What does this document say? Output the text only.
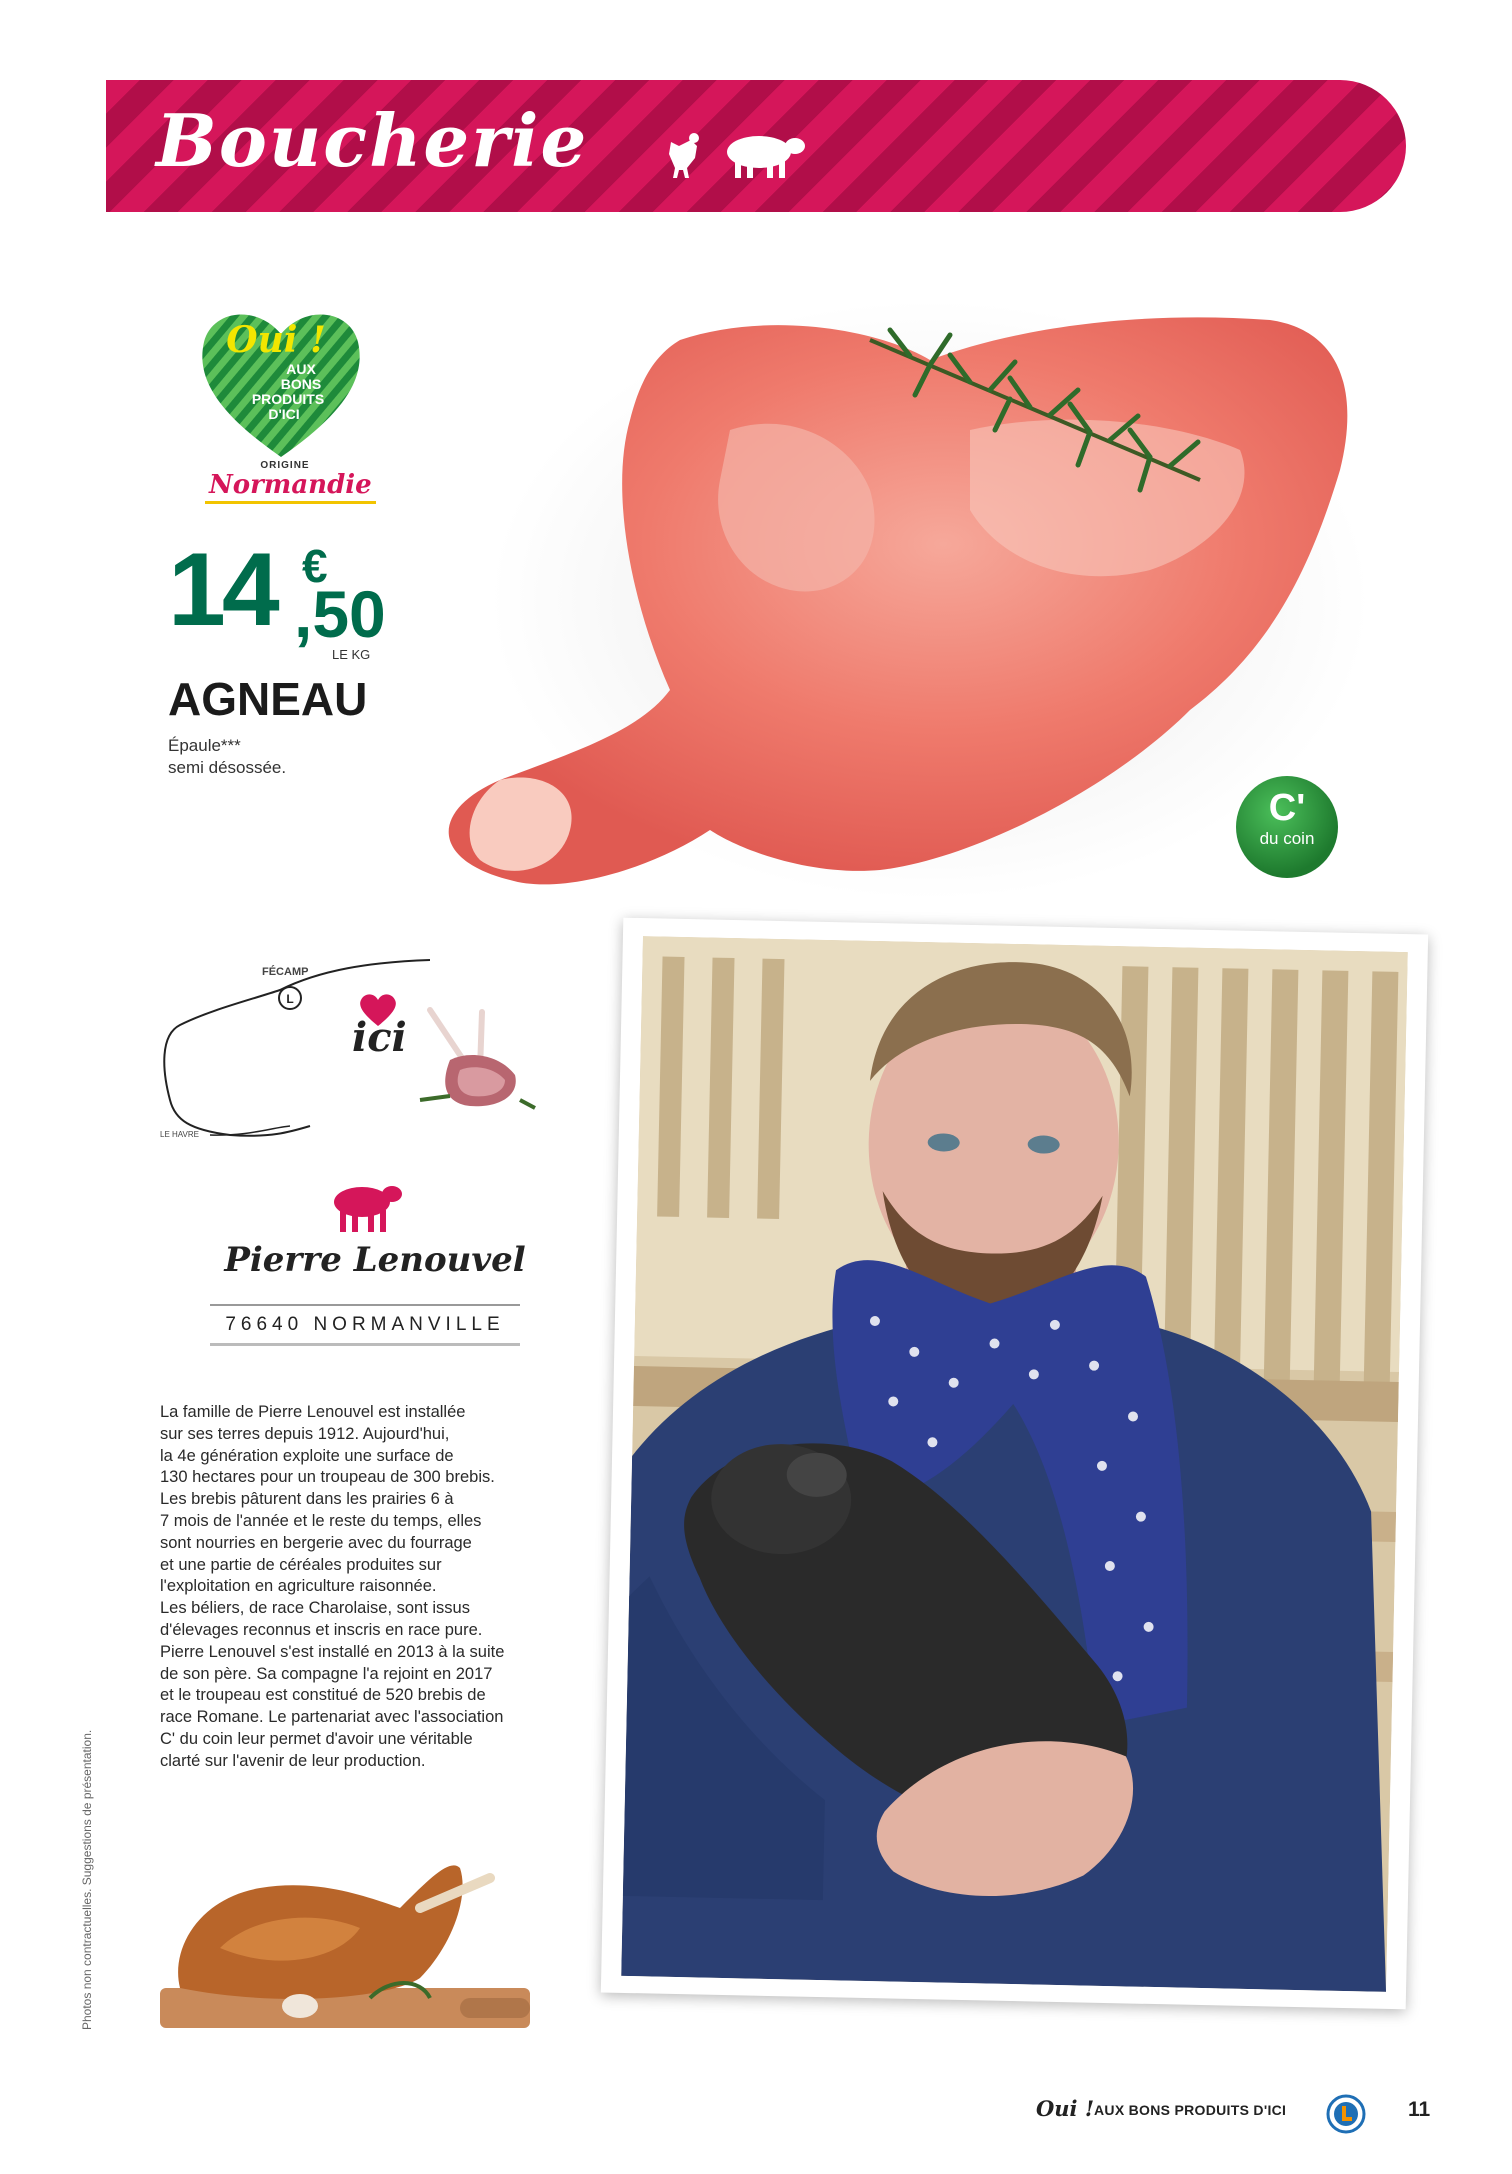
Boucherie
Oui !
AUX
BONS
PRODUITS
D'ICI
ORIGINE
Normandie
14 €
,50
LE KG
AGNEAU
Épaule***
semi désossée.
C'
du coin
L
FÉCAMP
LE HAVRE
ici
Pierre Lenouvel
76640 NORMANVILLE

La famille de Pierre Lenouvel est installée

sur ses terres depuis 1912. Aujourd'hui,

la 4e génération exploite une surface de

130 hectares pour un troupeau de 300 brebis.

Les brebis pâturent dans les prairies 6 à

7 mois de l'année et le reste du temps, elles

sont nourries en bergerie avec du fourrage

et une partie de céréales produites sur

l'exploitation en agriculture raisonnée.

Les béliers, de race Charolaise, sont issus

d'élevages reconnus et inscris en race pure.

Pierre Lenouvel s'est installé en 2013 à la suite

de son père. Sa compagne l'a rejoint en 2017

et le troupeau est constitué de 520 brebis de

race Romane. Le partenariat avec l'association

C' du coin leur permet d'avoir une véritable

clarté sur l'avenir de leur production.

Photos non contractuelles. Suggestions de présentation.
Oui ! AUX BONS PRODUITS D'ICI	11
